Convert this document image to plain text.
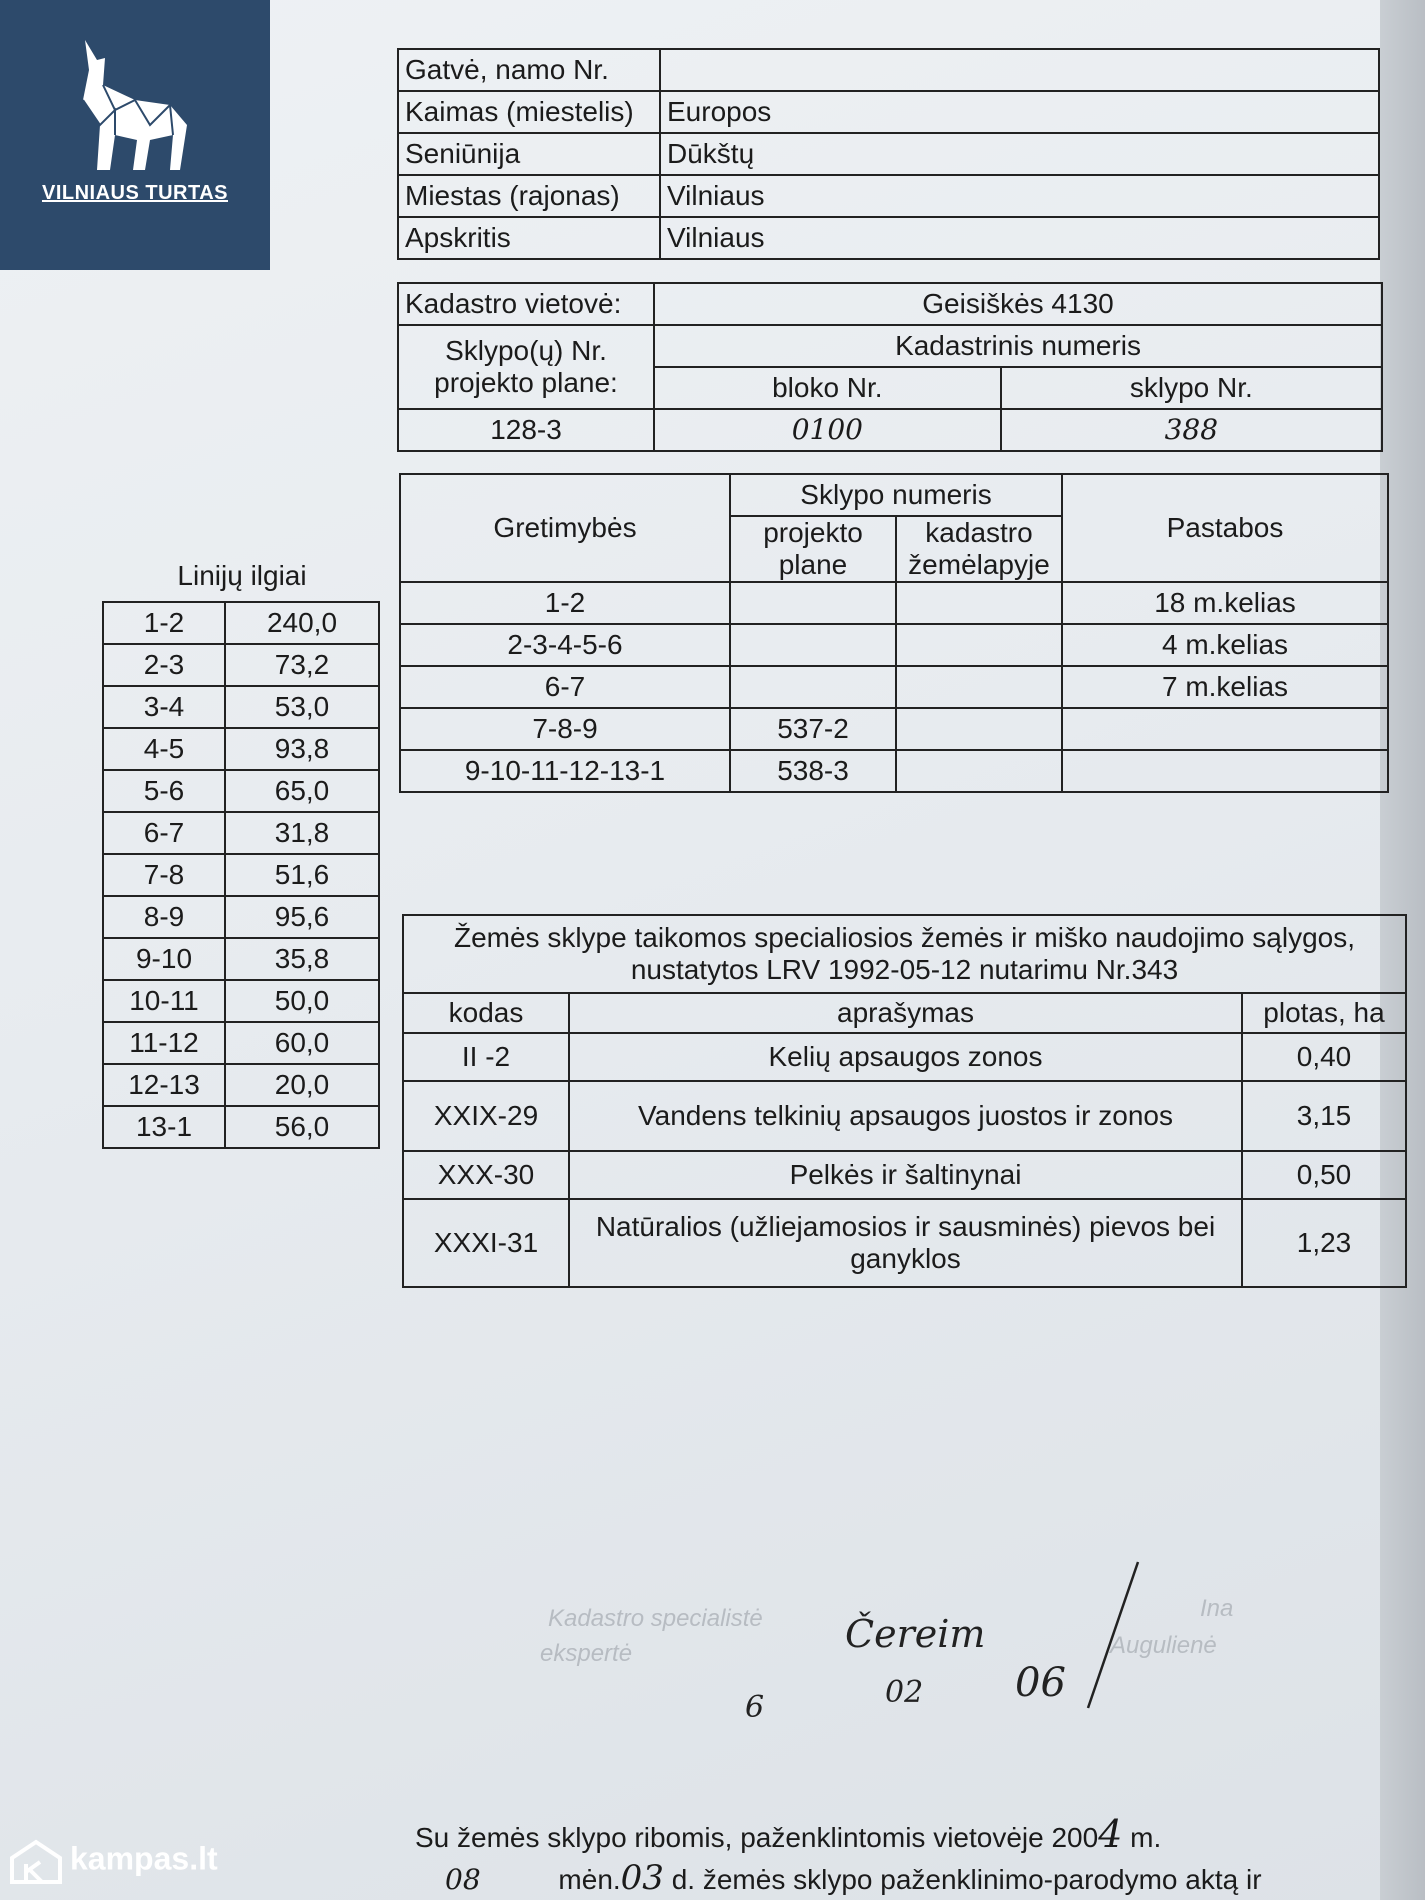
VILNIAUS TURTAS
Gatvė, namo Nr.	
Kaimas (miestelis)	Europos
Seniūnija	Dūkštų
Miestas (rajonas)	Vilniaus
Apskritis	Vilniaus
Kadastro vietovė:	Geisiškės 4130	
Sklypo(ų) Nr. projekto plane:	Kadastrinis numeris	
	bloko Nr.	sklypo Nr.
128-3	0100	388
Linijų ilgiai
1-2	240,0
2-3	73,2
3-4	53,0
4-5	93,8
5-6	65,0
6-7	31,8
7-8	51,6
8-9	95,6
9-10	35,8
10-11	50,0
11-12	60,0
12-13	20,0
13-1	56,0
Gretimybės	Sklypo numeris		Pastabos
	projekto plane	kadastro žemėlapyje	
1-2			18 m.kelias
2-3-4-5-6			4 m.kelias
6-7			7 m.kelias
7-8-9	537-2		
9-10-11-12-13-1	538-3		
Žemės sklype taikomos specialiosios žemės ir miško naudojimo sąlygos, nustatytos LRV 1992-05-12 nutarimu Nr.343		
kodas	aprašymas	plotas, ha
II -2	Kelių apsaugos zonos	0,40
XXIX-29	Vandens telkinių apsaugos juostos ir zonos	3,15
XXX-30	Pelkės ir šaltinynai	0,50
XXXI-31	Natūralios (užliejamosios ir sausminės) pievos bei ganyklos	1,23
Kadastro specialistė
ekspertė
Ina
Augulienė
Čereim
6	02 06
Su žemės sklypo ribomis, paženklintomis vietovėje 2004 m.
08	mėn.03 d. žemės sklypo paženklinimo-parodymo aktą ir
kampas.lt
